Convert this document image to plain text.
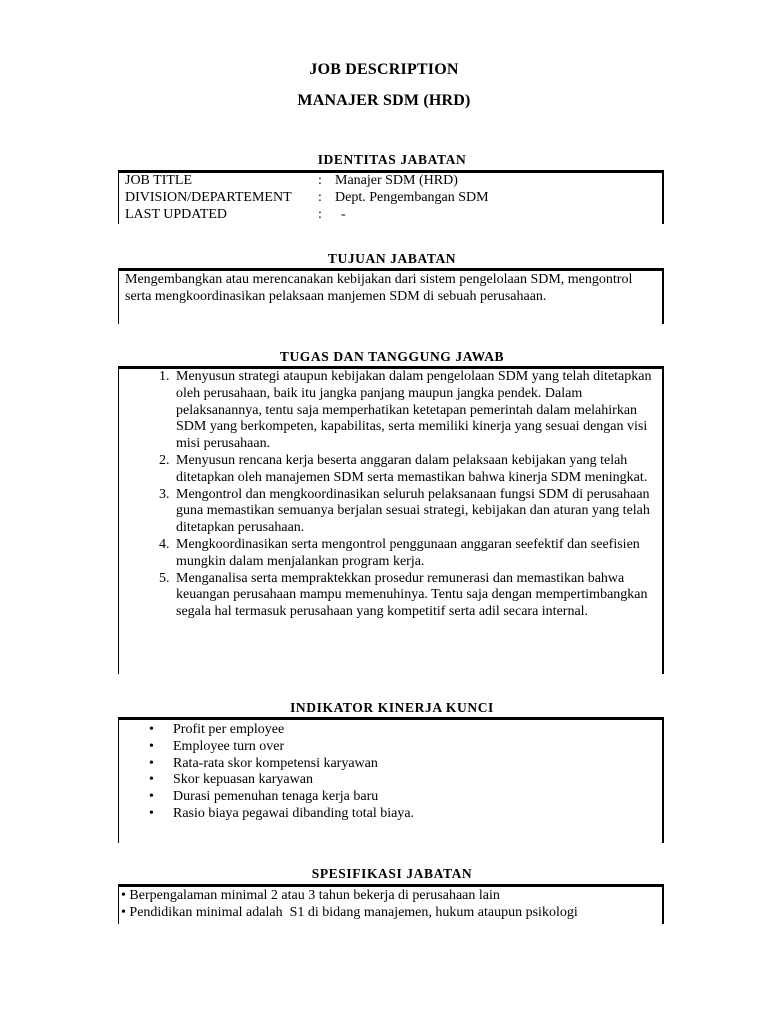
JOB DESCRIPTION
MANAJER SDM (HRD)
IDENTITAS JABATAN
JOB TITLE	:	Manajer SDM (HRD)
DIVISION/DEPARTEMENT	:	Dept. Pengembangan SDM
LAST UPDATED	:	-
TUJUAN JABATAN
Mengembangkan atau merencanakan kebijakan dari sistem pengelolaan SDM, mengontrol serta mengkoordinasikan pelaksaan manjemen SDM di sebuah perusahaan.
TUGAS DAN TANGGUNG JAWAB
1. Menyusun strategi ataupun kebijakan dalam pengelolaan SDM yang telah ditetapkan oleh perusahaan, baik itu jangka panjang maupun jangka pendek. Dalam pelaksanannya, tentu saja memperhatikan ketetapan pemerintah dalam melahirkan SDM yang berkompeten, kapabilitas, serta memiliki kinerja yang sesuai dengan visi misi perusahaan.
2. Menyusun rencana kerja beserta anggaran dalam pelaksaan kebijakan yang telah ditetapkan oleh manajemen SDM serta memastikan bahwa kinerja SDM meningkat.
3. Mengontrol dan mengkoordinasikan seluruh pelaksanaan fungsi SDM di perusahaan guna memastikan semuanya berjalan sesuai strategi, kebijakan dan aturan yang telah ditetapkan perusahaan.
4. Mengkoordinasikan serta mengontrol penggunaan anggaran seefektif dan seefisien mungkin dalam menjalankan program kerja.
5. Menganalisa serta mempraktekkan prosedur remunerasi dan memastikan bahwa keuangan perusahaan mampu memenuhinya. Tentu saja dengan mempertimbangkan segala hal termasuk perusahaan yang kompetitif serta adil secara internal.
INDIKATOR KINERJA KUNCI
• Profit per employee
• Employee turn over
• Rata-rata skor kompetensi karyawan
• Skor kepuasan karyawan
• Durasi pemenuhan tenaga kerja baru
• Rasio biaya pegawai dibanding total biaya.
SPESIFIKASI JABATAN
• Berpengalaman minimal 2 atau 3 tahun bekerja di perusahaan lain
• Pendidikan minimal adalah  S1 di bidang manajemen, hukum ataupun psikologi
